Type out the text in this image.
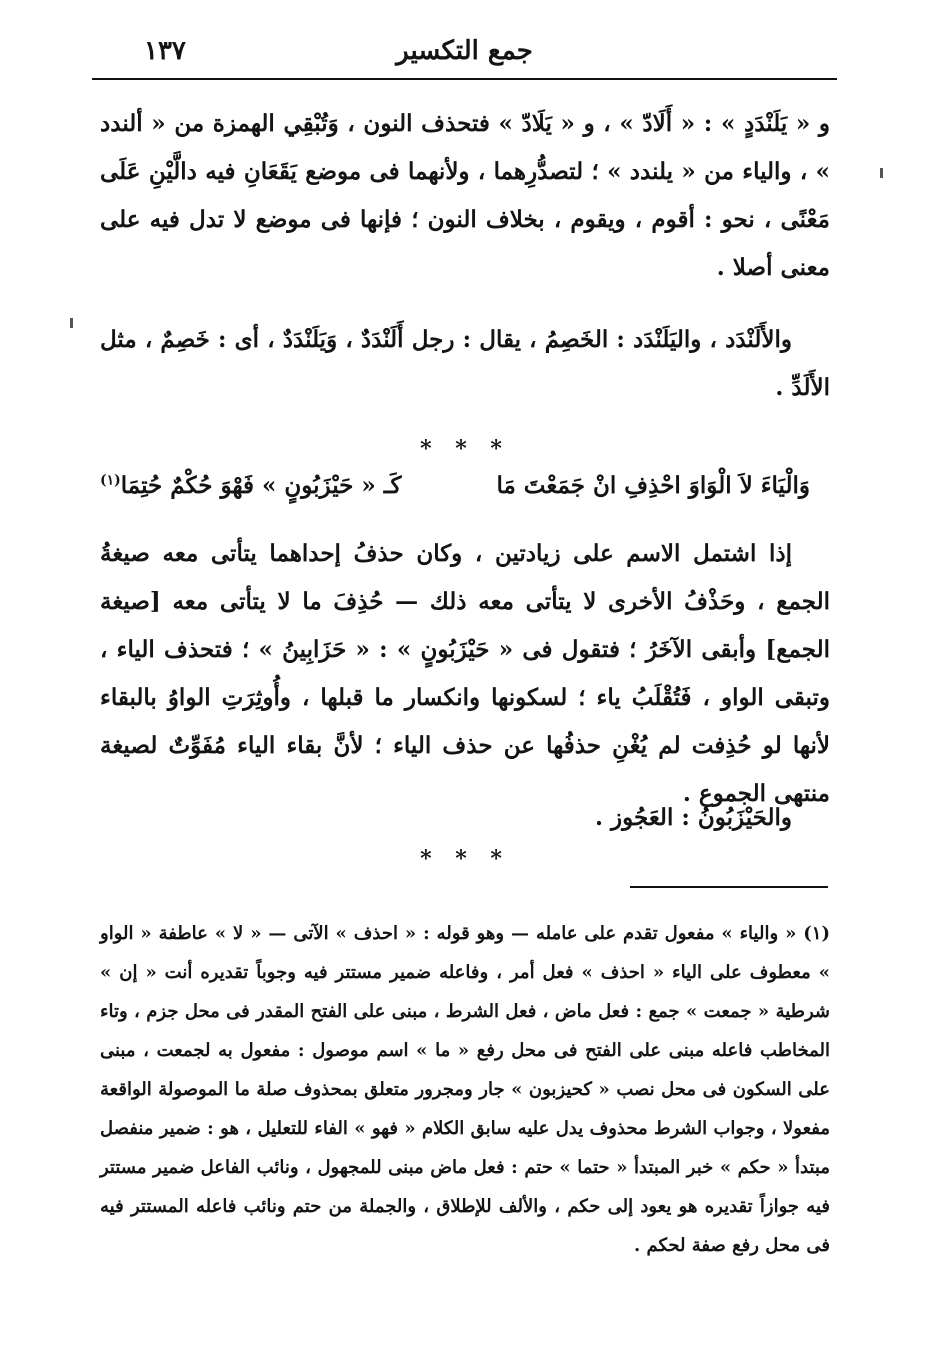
جمع التكسير
١٣٧

و « يَلَنْدَدٍ » : « أَلَادّ » ، و « يَلَادّ » فتحذف النون ، وَتُبْقِي الهمزة من « ألندد » ، والياء من « يلندد » ؛ لتصدُّرِهما ، ولأنهما فى موضع يَقَعَانِ فيه دالَّيْنِ عَلَى مَعْنًى ، نحو : أقوم ، ويقوم ، بخلاف النون ؛ فإنها فى موضع لا تدل فيه على معنى أصلا .

والأَلَنْدَد ، واليَلَنْدَد : الخَصِمُ ، يقال : رجل أَلَنْدَدٌ ، وَيَلَنْدَدٌ ، أى : خَصِمٌ ، مثل الأَلَدِّ .

* * *
وَالْيَاءَ لاَ الْوَاوَ احْذِفِ انْ جَمَعْتَ مَا
كَـ « حَيْزَبُونٍ » فَهْوَ حُكْمٌ حُتِمَا$^{(١)}$

إذا اشتمل الاسم على زيادتين ، وكان حذفُ إحداهما يتأتى معه صيغةُ الجمع ، وحَذْفُ الأخرى لا يتأتى معه ذلك — حُذِفَ ما لا يتأتى معه [صيغة الجمع] وأبقى الآخَرُ ؛ فتقول فى « حَيْزَبُونٍ » : « حَزَابِينُ » ؛ فتحذف الياء ، وتبقى الواو ، فَتُقْلَبُ ياء ؛ لسكونها وانكسار ما قبلها ، وأُوثِرَتِ الواوُ بالبقاء لأنها لو حُذِفت لم يُغْنِ حذفُها عن حذف الياء ؛ لأنَّ بقاء الياء مُفَوِّتٌ لصيغة منتهى الجموع .

والحَيْزَبُونُ : العَجُوز .

* * *

(١) « والياء » مفعول تقدم على عامله — وهو قوله : « احذف » الآتى — « لا » عاطفة « الواو » معطوف على الياء « احذف » فعل أمر ، وفاعله ضمير مستتر فيه وجوباً تقديره أنت « إن » شرطية « جمعت » جمع : فعل ماض ، فعل الشرط ، مبنى على الفتح المقدر فى محل جزم ، وتاء المخاطب فاعله مبنى على الفتح فى محل رفع « ما » اسم موصول : مفعول به لجمعت ، مبنى على السكون فى محل نصب « كحيزبون » جار ومجرور متعلق بمحذوف صلة ما الموصولة الواقعة مفعولا ، وجواب الشرط محذوف يدل عليه سابق الكلام « فهو » الفاء للتعليل ، هو : ضمير منفصل مبتدأ « حكم » خبر المبتدأ « حتما » حتم : فعل ماض مبنى للمجهول ، ونائب الفاعل ضمير مستتر فيه جوازاً تقديره هو يعود إلى حكم ، والألف للإطلاق ، والجملة من حتم ونائب فاعله المستتر فيه فى محل رفع صفة لحكم .
